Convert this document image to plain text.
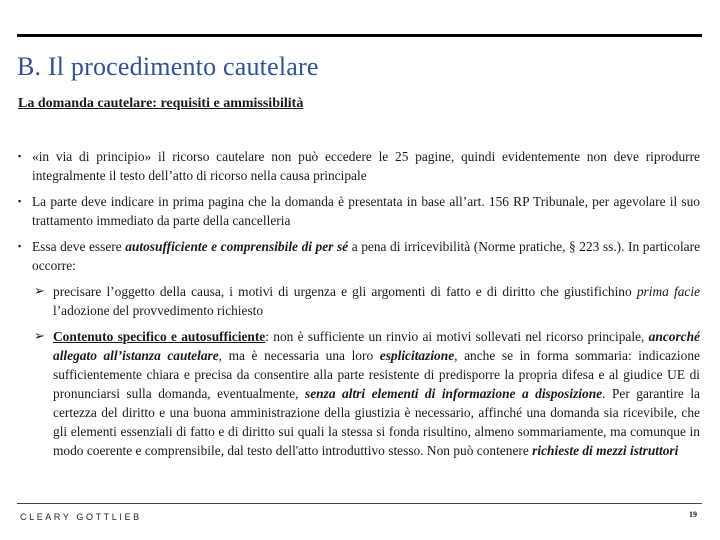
B. Il procedimento cautelare
La domanda cautelare: requisiti e ammissibilità
▪ «in via di principio» il ricorso cautelare non può eccedere le 25 pagine, quindi evidentemente non deve riprodurre integralmente il testo dell’atto di ricorso nella causa principale
▪ La parte deve indicare in prima pagina che la domanda è presentata in base all’art. 156 RP Tribunale, per agevolare il suo trattamento immediato da parte della cancelleria
▪ Essa deve essere autosufficiente e comprensibile di per sé a pena di irricevibilità (Norme pratiche, § 223 ss.). In particolare occorre:
➢ precisare l’oggetto della causa, i motivi di urgenza e gli argomenti di fatto e di diritto che giustifichino prima facie l’adozione del provvedimento richiesto
➢ Contenuto specifico e autosufficiente: non è sufficiente un rinvio ai motivi sollevati nel ricorso principale, ancorché allegato all’istanza cautelare, ma è necessaria una loro esplicitazione, anche se in forma sommaria: indicazione sufficientemente chiara e precisa da consentire alla parte resistente di predisporre la propria difesa e al giudice UE di pronunciarsi sulla domanda, eventualmente, senza altri elementi di informazione a disposizione. Per garantire la certezza del diritto e una buona amministrazione della giustizia è necessario, affinché una domanda sia ricevibile, che gli elementi essenziali di fatto e di diritto sui quali la stessa si fonda risultino, almeno sommariamente, ma comunque in modo coerente e comprensibile, dal testo dell'atto introduttivo stesso. Non può contenere richieste di mezzi istruttori
CLEARY GOTTLIEB	19
